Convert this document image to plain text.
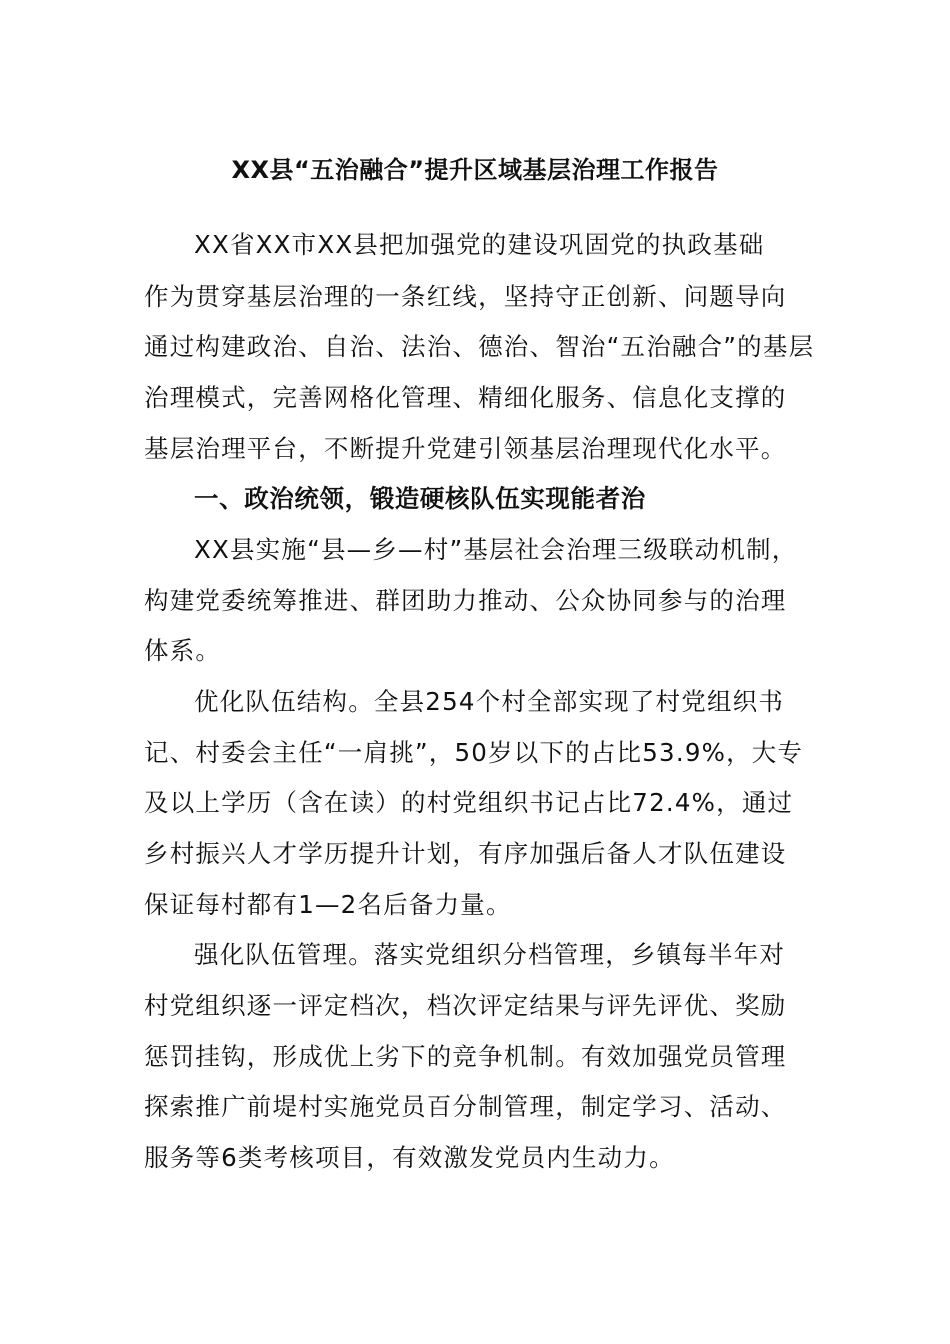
XX县“五治融合”提升区域基层治理工作报告
XX省XX市XX县把加强党的建设巩固党的执政基础
作为贯穿基层治理的一条红线，坚持守正创新、问题导向
通过构建政治、自治、法治、德治、智治“五治融合”的基层
治理模式，完善网格化管理、精细化服务、信息化支撑的
基层治理平台，不断提升党建引领基层治理现代化水平。
一、政治统领，锻造硬核队伍实现能者治
XX县实施“县—乡—村”基层社会治理三级联动机制，
构建党委统筹推进、群团助力推动、公众协同参与的治理
体系。
优化队伍结构。全县254个村全部实现了村党组织书
记、村委会主任“一肩挑”，50岁以下的占比53.9%，大专
及以上学历（含在读）的村党组织书记占比72.4%，通过
乡村振兴人才学历提升计划，有序加强后备人才队伍建设
保证每村都有1—2名后备力量。
强化队伍管理。落实党组织分档管理，乡镇每半年对
村党组织逐一评定档次，档次评定结果与评先评优、奖励
惩罚挂钩，形成优上劣下的竞争机制。有效加强党员管理
探索推广前堤村实施党员百分制管理，制定学习、活动、
服务等6类考核项目，有效激发党员内生动力。
